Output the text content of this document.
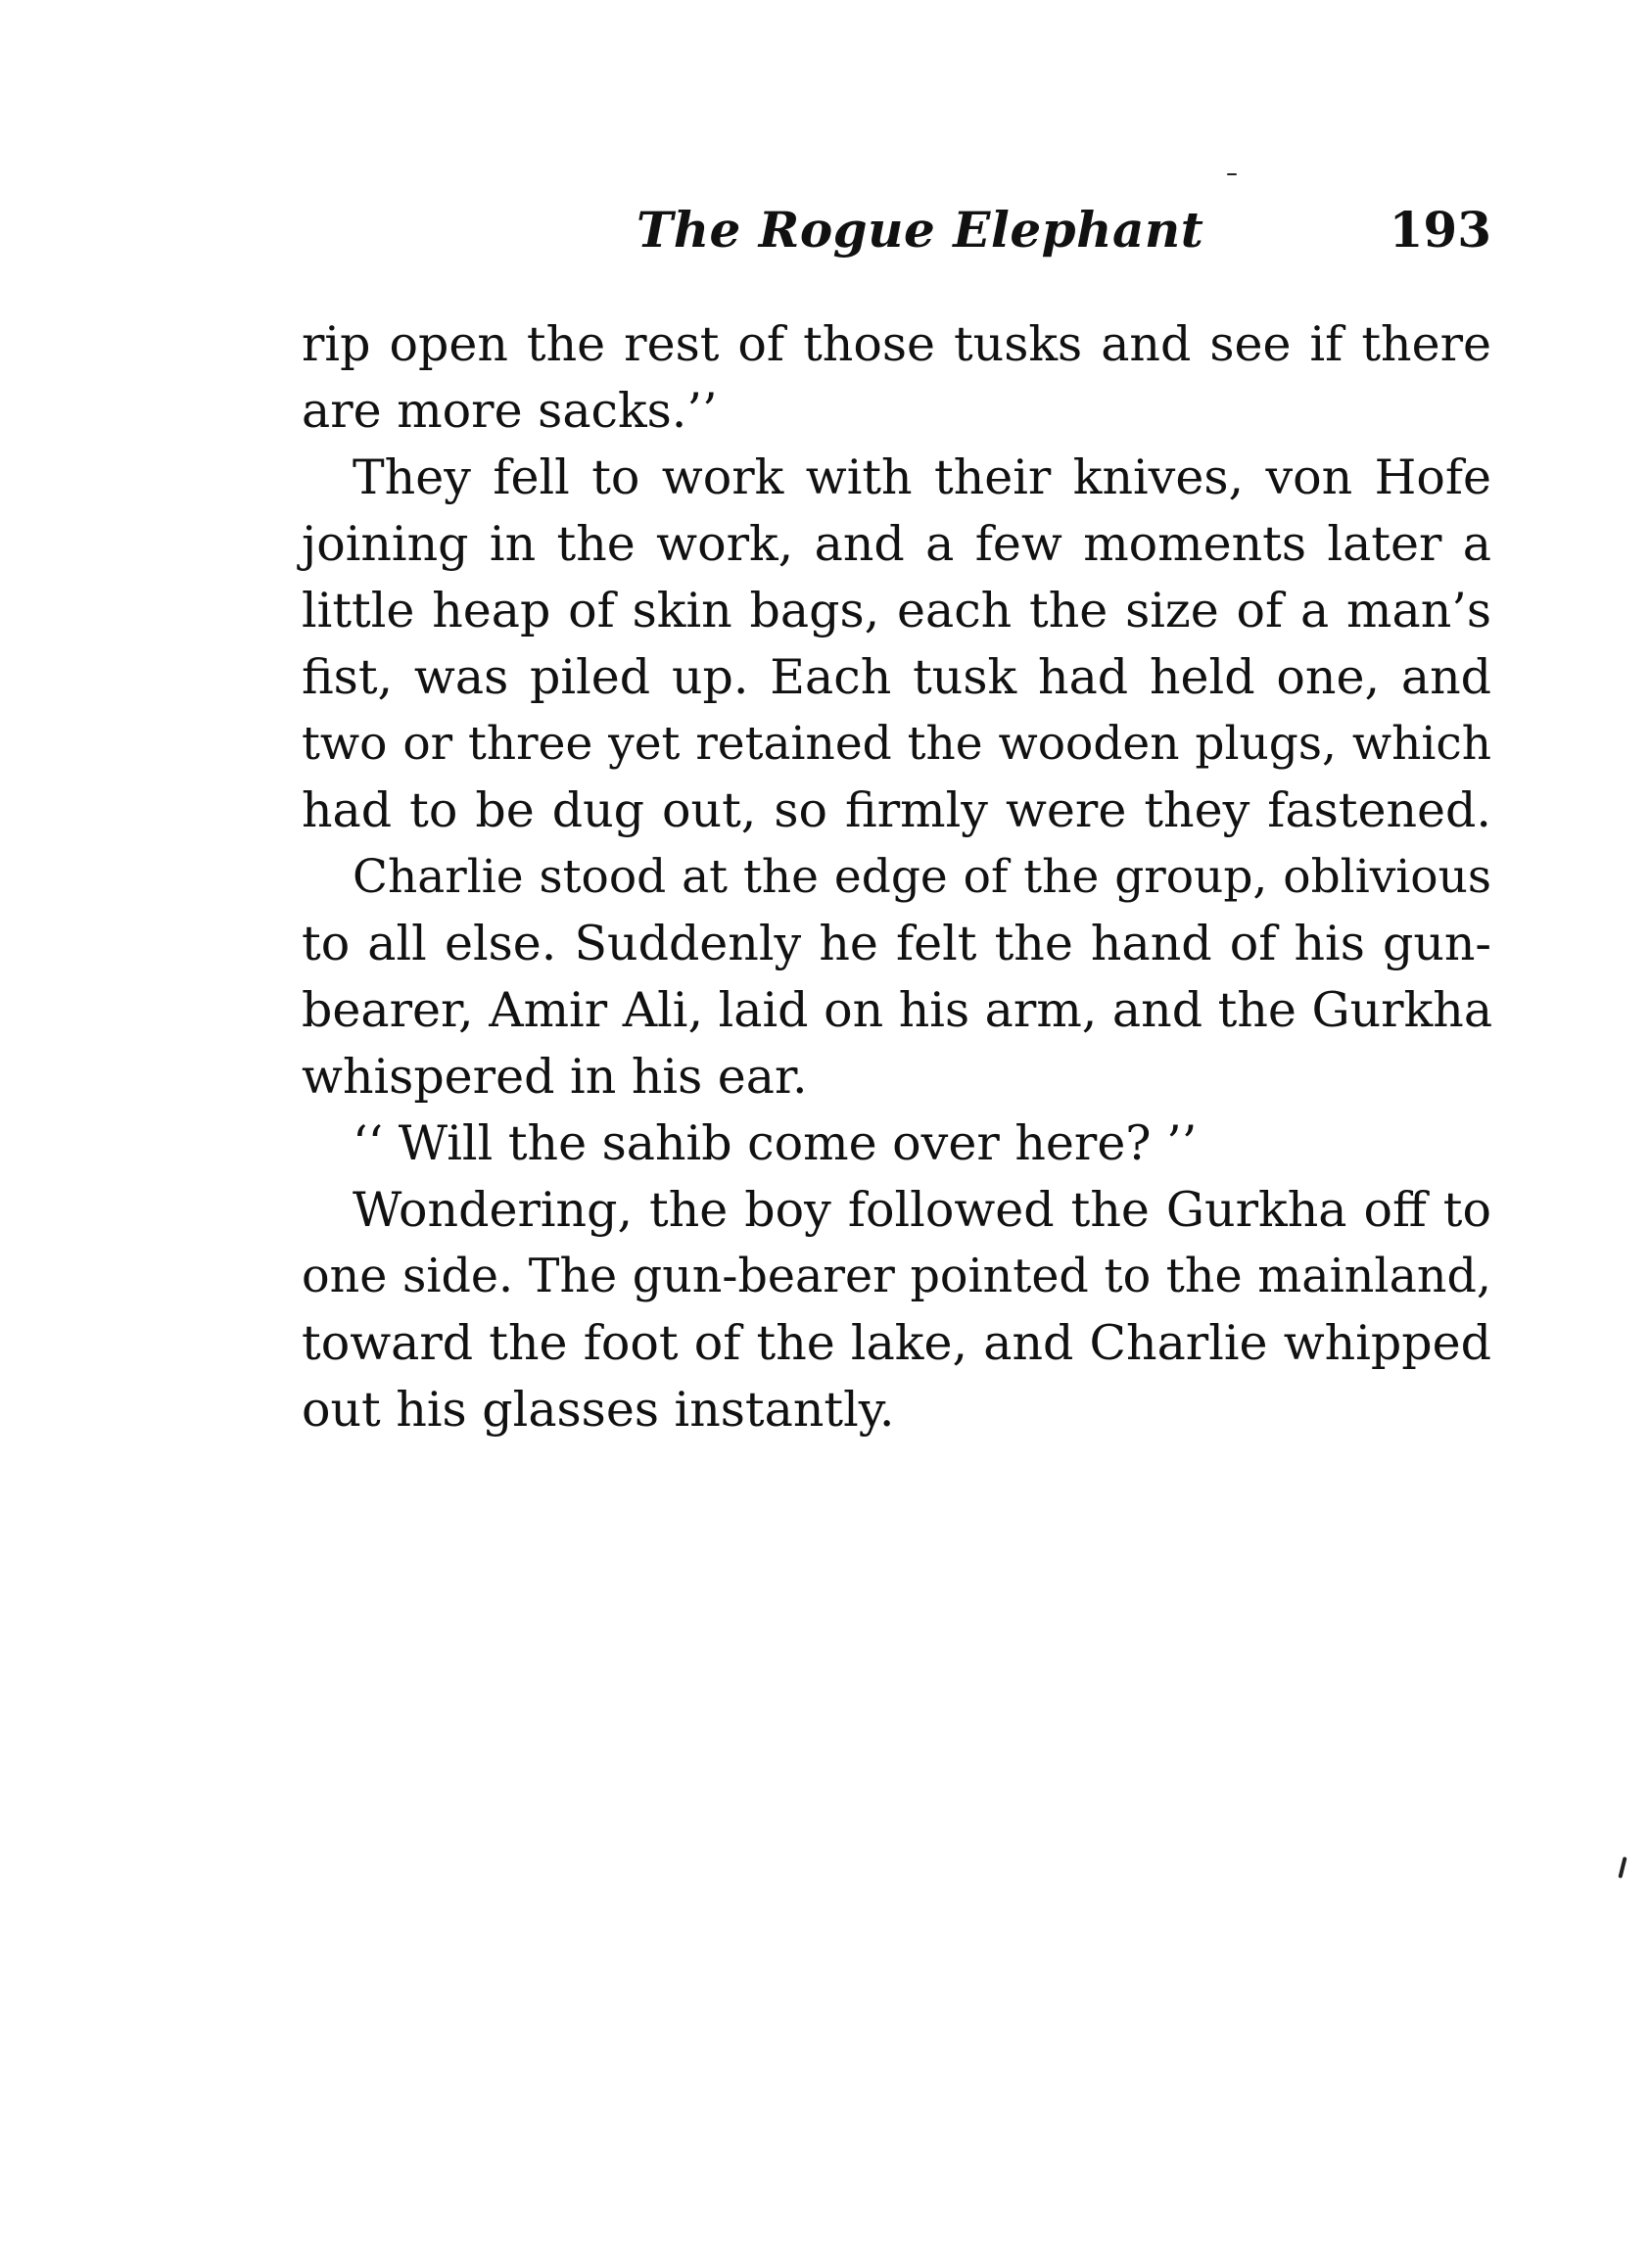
The Rogue Elephant	193
rip open the rest of those tusks and see if there
are more sacks.’’
They fell to work with their knives, von Hofe
joining in the work, and a few moments later a
little heap of skin bags, each the size of a man’s
fist, was piled up. Each tusk had held one, and
two or three yet retained the wooden plugs, which
had to be dug out, so firmly were they fastened.
Charlie stood at the edge of the group, oblivious
to all else. Suddenly he felt the hand of his gun-
bearer, Amir Ali, laid on his arm, and the Gurkha
whispered in his ear.
‘‘ Will the sahib come over here? ’’
Wondering, the boy followed the Gurkha off to
one side. The gun-bearer pointed to the mainland,
toward the foot of the lake, and Charlie whipped
out his glasses instantly.
